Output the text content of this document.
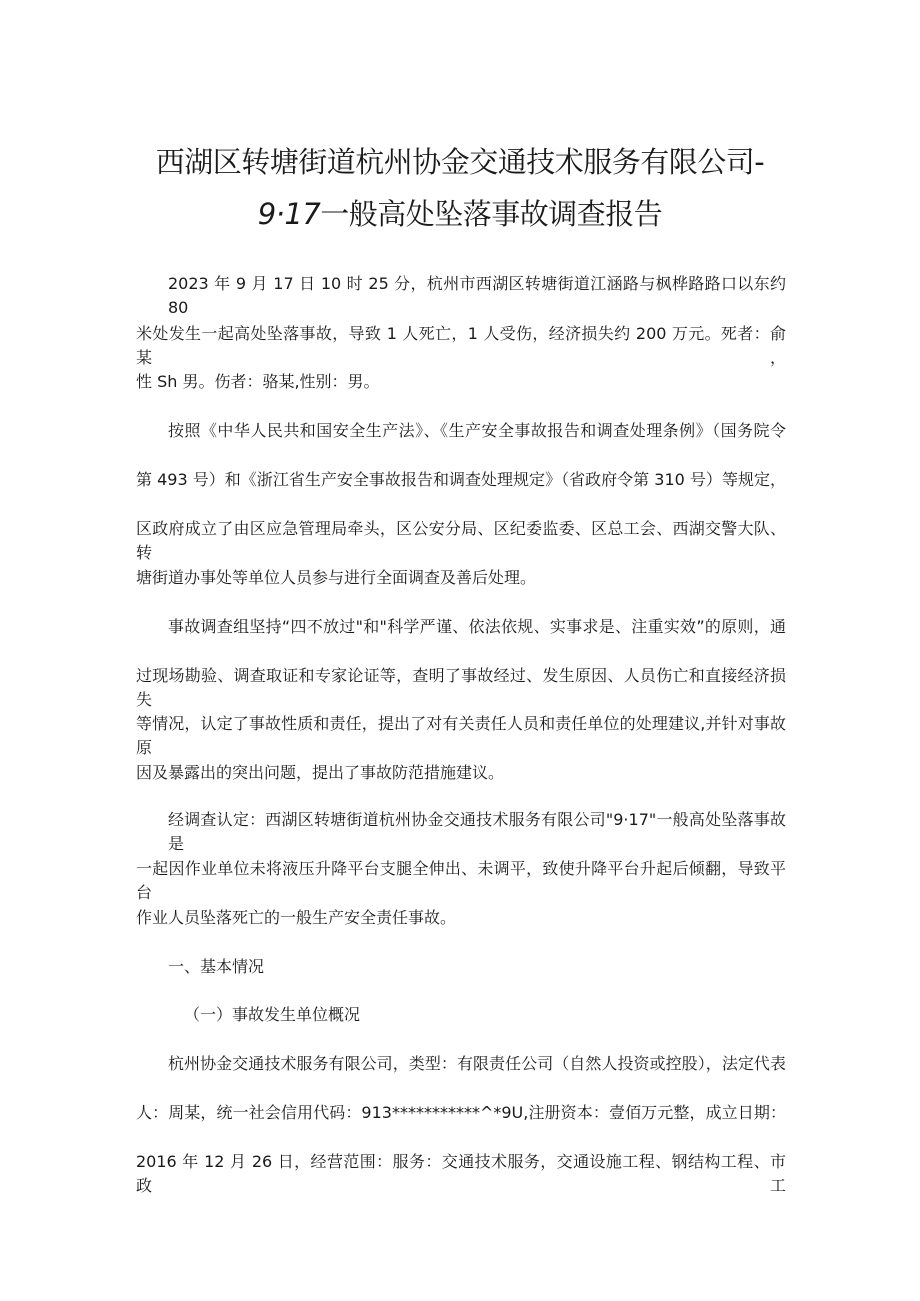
西湖区转塘街道杭州协金交通技术服务有限公司-
9·17一般高处坠落事故调查报告

2023 年 9 月 17 日 10 时 25 分，杭州市西湖区转塘街道江涵路与枫桦路路口以东约 80

米处发生一起高处坠落事故，导致 1 人死亡，1 人受伤，经济损失约 200 万元。死者：俞某，

性 Sh 男。伤者：骆某,性别：男。

按照《中华人民共和国安全生产法》、《生产安全事故报告和调查处理条例》（国务院令

第 493 号）和《浙江省生产安全事故报告和调查处理规定》（省政府令第 310 号）等规定，

区政府成立了由区应急管理局牵头，区公安分局、区纪委监委、区总工会、西湖交警大队、转

塘街道办事处等单位人员参与进行全面调查及善后处理。

事故调查组坚持“四不放过"和"科学严谨、依法依规、实事求是、注重实效”的原则，通

过现场勘验、调查取证和专家论证等，查明了事故经过、发生原因、人员伤亡和直接经济损失

等情况，认定了事故性质和责任，提出了对有关责任人员和责任单位的处理建议,并针对事故原

因及暴露出的突出问题，提出了事故防范措施建议。

经调查认定：西湖区转塘街道杭州协金交通技术服务有限公司"9·17"一般高处坠落事故是

一起因作业单位未将液压升降平台支腿全伸出、未调平，致使升降平台升起后倾翻，导致平台

作业人员坠落死亡的一般生产安全责任事故。

一、基本情况

（一）事故发生单位概况

杭州协金交通技术服务有限公司，类型：有限责任公司（自然人投资或控股），法定代表

人：周某，统一社会信用代码：913***********^*9U,注册资本：壹佰万元整，成立日期：

2016 年 12 月 26 日，经营范围：服务：交通技术服务，交通设施工程、钢结构工程、市政工
